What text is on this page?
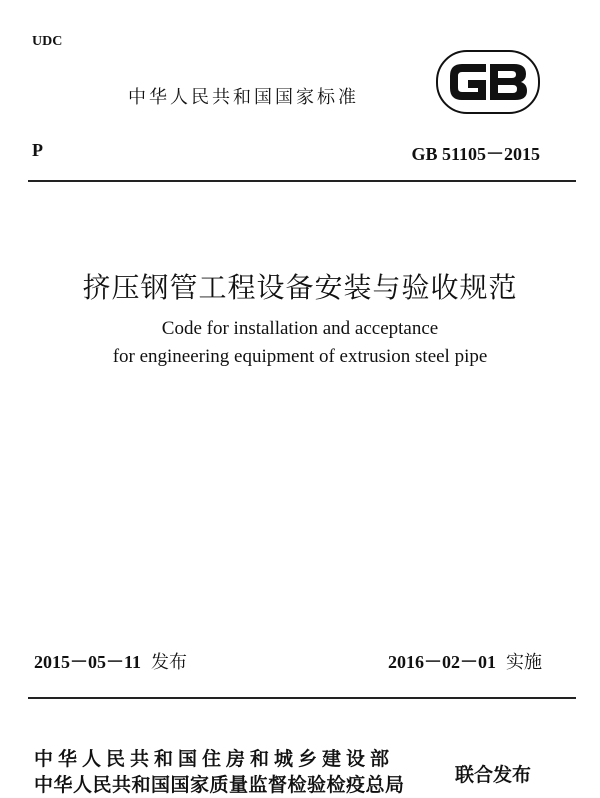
UDC
中华人民共和国国家标准
P	GB 51105－2015
挤压钢管工程设备安装与验收规范
Code for installation and acceptance
for engineering equipment of extrusion steel pipe
2015－05－11 发布	2016－02－01 实施
中华人民共和国住房和城乡建设部
中华人民共和国国家质量监督检验检疫总局	联合发布
